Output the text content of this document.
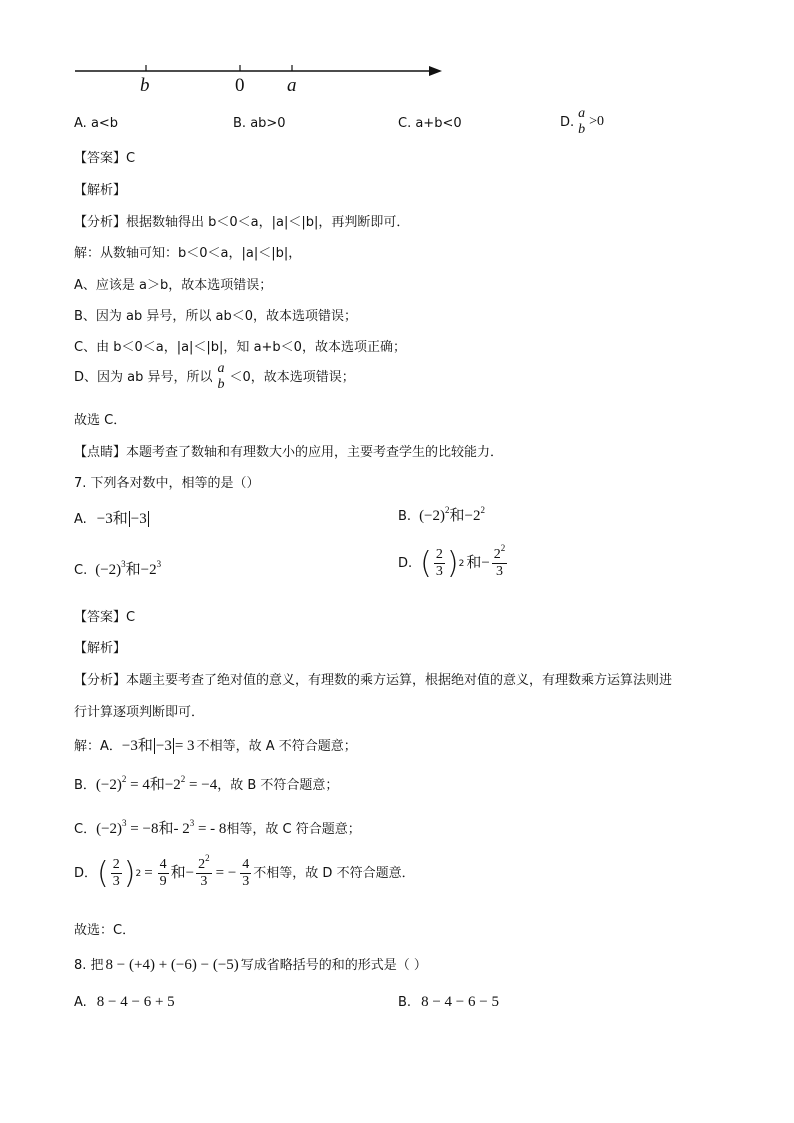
b	0 a
A. a<b	B. ab>0	C. a+b<0	D.
a
b
>0
【答案】C
【解析】
【分析】根据数轴得出 b＜0＜a，|a|＜|b|，再判断即可．
解：从数轴可知：b＜0＜a，|a|＜|b|，
A、应该是 a＞b，故本选项错误；
B、因为 ab 异号，所以 ab＜0，故本选项错误；
C、由 b＜0＜a，|a|＜|b|，知 a+b＜0，故本选项正确；
D、因为 ab 异号，所以
a
b ＜0，故本选项错误；
故选 C．
【点睛】本题考查了数轴和有理数大小的应用，主要考查学生的比较能力．
7. 下列各对数中，相等的是（）
A. −3和 −3	B. $(-2)^2$和$-2^2$
C. $(-2)^3$和$-2^3$	D. ( $\frac{2}{3}$ ) 2 和− $\frac{2^2}{3}$
【答案】C
【解析】
【分析】本题主要考查了绝对值的意义，有理数的乘方运算，根据绝对值的意义，有理数乘方运算法则进
行计算逐项判断即可．
解：A． −3和 −3 = 3 不相等，故 A 不符合题意；
B． $(-2)^2 = 4$和$-2^2 = -4$ ，故 B 不符合题意；
C． $(-2)^3 = -8$和- $2^3$ = - 8 相等，故 C 符合题意；
D． ( $\frac{2}{3}$ ) $2 = \frac{4}{9}$ 和− $\frac{2^2}{3}$ = − $\frac{4}{3}$ 不相等，故 D 不符合题意．
故选：C．
8. 把 8 − (+4) + (−6) − (−5) 写成省略括号的和的形式是（ ）
A. 8 − 4 − 6 + 5	B. 8 − 4 − 6 − 5
